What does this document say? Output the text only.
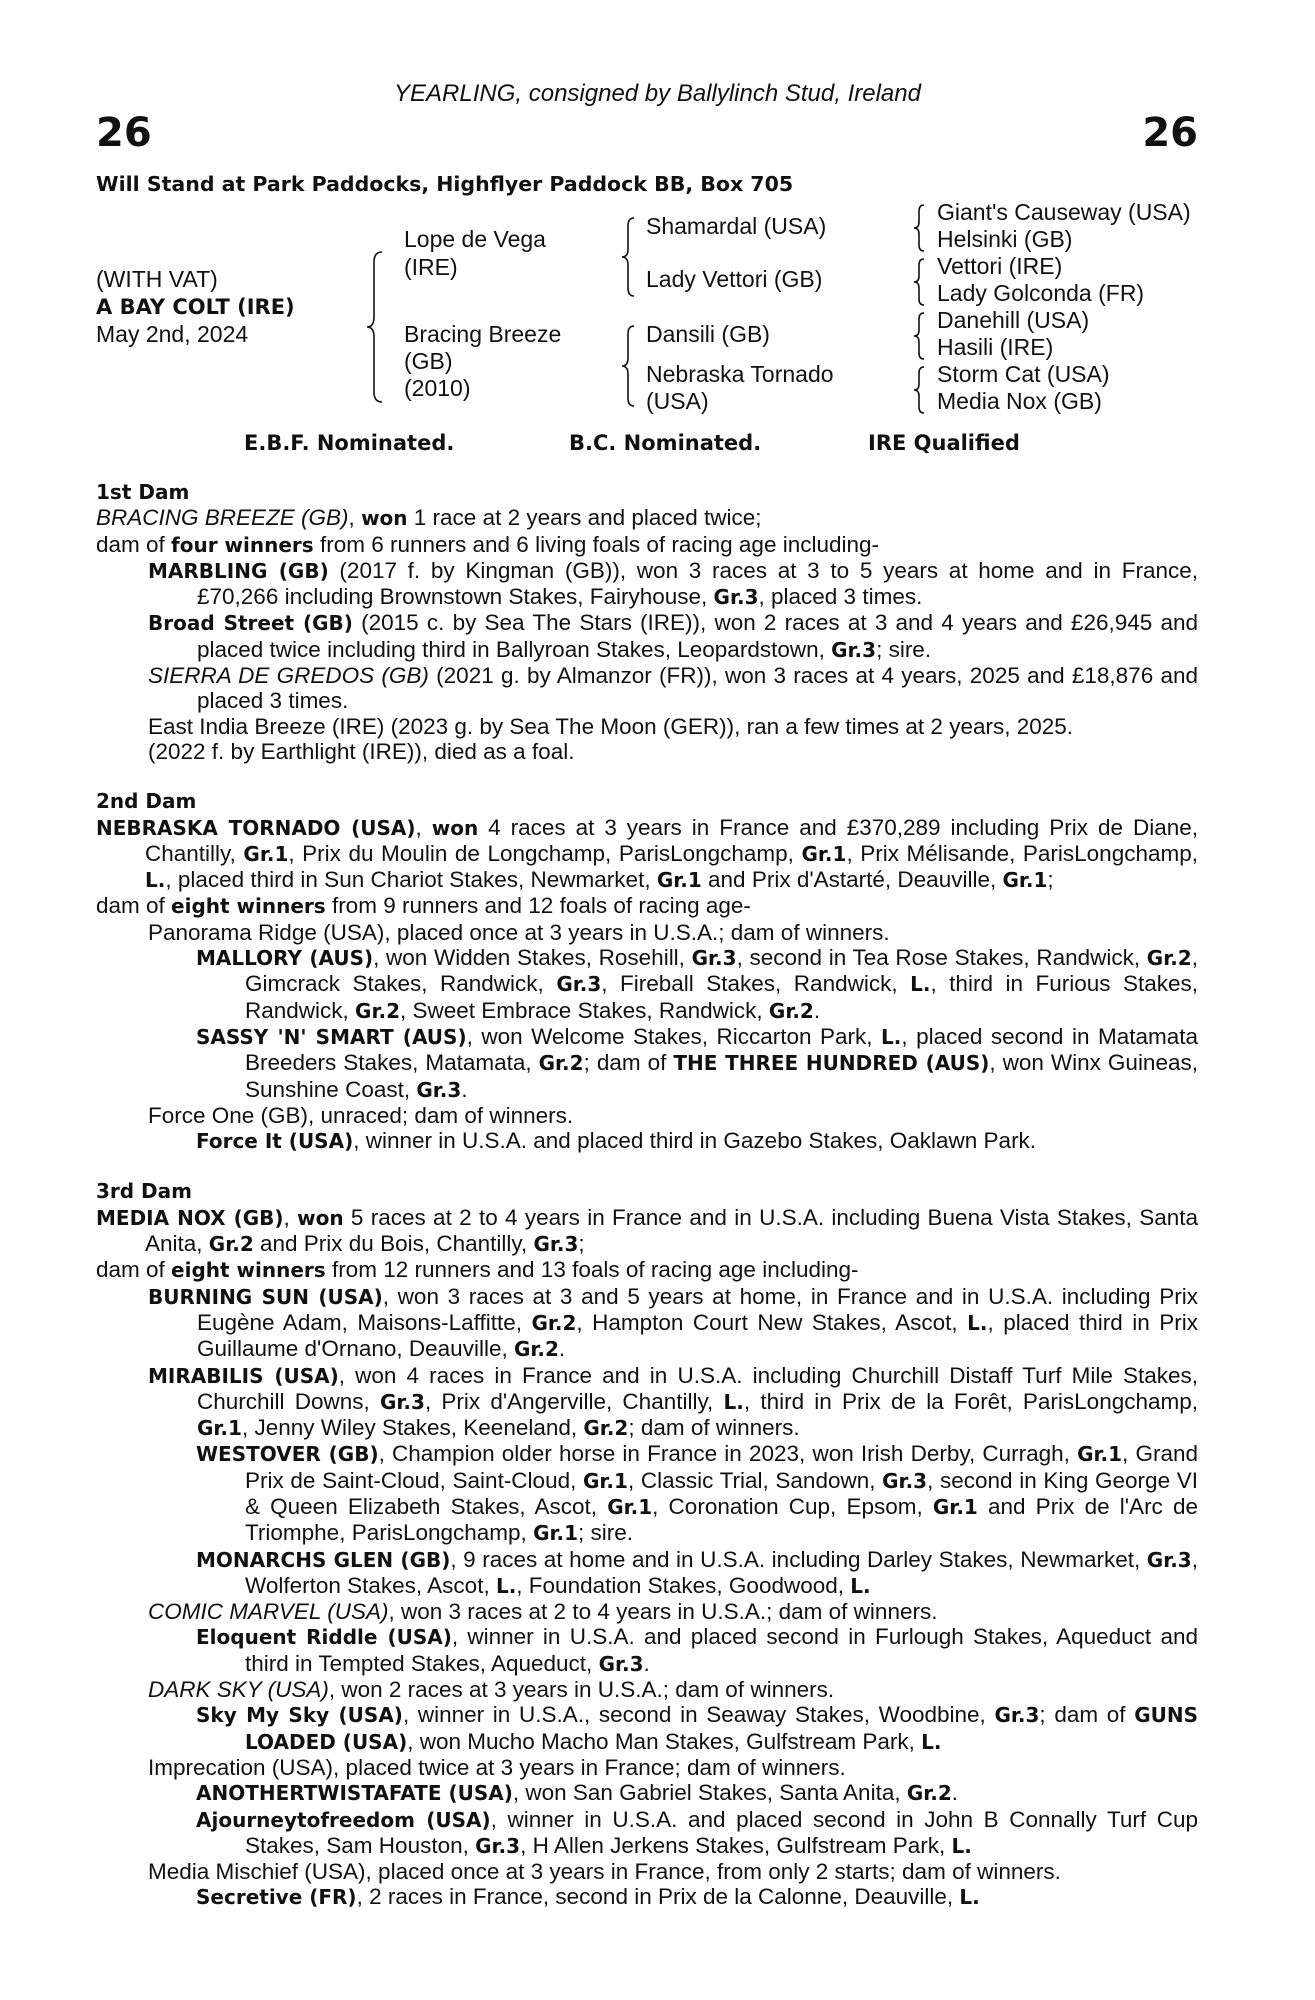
YEARLING, consigned by Ballylinch Stud, Ireland
26	26
Will Stand at Park Paddocks, Highflyer Paddock BB, Box 705
(WITH VAT)
A BAY COLT (IRE)
May 2nd, 2024
Lope de Vega
(IRE)
Bracing Breeze
(GB)
(2010)
Shamardal (USA)
Lady Vettori (GB)
Dansili (GB)
Nebraska Tornado
(USA)
Giant's Causeway (USA)
Helsinki (GB)
Vettori (IRE)
Lady Golconda (FR)
Danehill (USA)
Hasili (IRE)
Storm Cat (USA)
Media Nox (GB)
E.B.F. Nominated.	B.C. Nominated.	IRE Qualified
1st Dam
BRACING BREEZE (GB), won 1 race at 2 years and placed twice;
dam of four winners from 6 runners and 6 living foals of racing age including-
MARBLING (GB) (2017 f. by Kingman (GB)), won 3 races at 3 to 5 years at home and in France, £70,266 including Brownstown Stakes, Fairyhouse, Gr.3, placed 3 times.
Broad Street (GB) (2015 c. by Sea The Stars (IRE)), won 2 races at 3 and 4 years and £26,945 and placed twice including third in Ballyroan Stakes, Leopardstown, Gr.3; sire.
SIERRA DE GREDOS (GB) (2021 g. by Almanzor (FR)), won 3 races at 4 years, 2025 and £18,876 and placed 3 times.
East India Breeze (IRE) (2023 g. by Sea The Moon (GER)), ran a few times at 2 years, 2025.
(2022 f. by Earthlight (IRE)), died as a foal.
2nd Dam
NEBRASKA TORNADO (USA), won 4 races at 3 years in France and £370,289 including Prix de Diane, Chantilly, Gr.1, Prix du Moulin de Longchamp, ParisLongchamp, Gr.1, Prix Mélisande, ParisLongchamp, L., placed third in Sun Chariot Stakes, Newmarket, Gr.1 and Prix d'Astarté, Deauville, Gr.1;
dam of eight winners from 9 runners and 12 foals of racing age-
Panorama Ridge (USA), placed once at 3 years in U.S.A.; dam of winners.
MALLORY (AUS), won Widden Stakes, Rosehill, Gr.3, second in Tea Rose Stakes, Randwick, Gr.2, Gimcrack Stakes, Randwick, Gr.3, Fireball Stakes, Randwick, L., third in Furious Stakes, Randwick, Gr.2, Sweet Embrace Stakes, Randwick, Gr.2.
SASSY 'N' SMART (AUS), won Welcome Stakes, Riccarton Park, L., placed second in Matamata Breeders Stakes, Matamata, Gr.2; dam of THE THREE HUNDRED (AUS), won Winx Guineas, Sunshine Coast, Gr.3.
Force One (GB), unraced; dam of winners.
Force It (USA), winner in U.S.A. and placed third in Gazebo Stakes, Oaklawn Park.
3rd Dam
MEDIA NOX (GB), won 5 races at 2 to 4 years in France and in U.S.A. including Buena Vista Stakes, Santa Anita, Gr.2 and Prix du Bois, Chantilly, Gr.3;
dam of eight winners from 12 runners and 13 foals of racing age including-
BURNING SUN (USA), won 3 races at 3 and 5 years at home, in France and in U.S.A. including Prix Eugène Adam, Maisons-Laffitte, Gr.2, Hampton Court New Stakes, Ascot, L., placed third in Prix Guillaume d'Ornano, Deauville, Gr.2.
MIRABILIS (USA), won 4 races in France and in U.S.A. including Churchill Distaff Turf Mile Stakes, Churchill Downs, Gr.3, Prix d'Angerville, Chantilly, L., third in Prix de la Forêt, ParisLongchamp, Gr.1, Jenny Wiley Stakes, Keeneland, Gr.2; dam of winners.
WESTOVER (GB), Champion older horse in France in 2023, won Irish Derby, Curragh, Gr.1, Grand Prix de Saint-Cloud, Saint-Cloud, Gr.1, Classic Trial, Sandown, Gr.3, second in King George VI & Queen Elizabeth Stakes, Ascot, Gr.1, Coronation Cup, Epsom, Gr.1 and Prix de l'Arc de Triomphe, ParisLongchamp, Gr.1; sire.
MONARCHS GLEN (GB), 9 races at home and in U.S.A. including Darley Stakes, Newmarket, Gr.3, Wolferton Stakes, Ascot, L., Foundation Stakes, Goodwood, L.
COMIC MARVEL (USA), won 3 races at 2 to 4 years in U.S.A.; dam of winners.
Eloquent Riddle (USA), winner in U.S.A. and placed second in Furlough Stakes, Aqueduct and third in Tempted Stakes, Aqueduct, Gr.3.
DARK SKY (USA), won 2 races at 3 years in U.S.A.; dam of winners.
Sky My Sky (USA), winner in U.S.A., second in Seaway Stakes, Woodbine, Gr.3; dam of GUNS LOADED (USA), won Mucho Macho Man Stakes, Gulfstream Park, L.
Imprecation (USA), placed twice at 3 years in France; dam of winners.
ANOTHERTWISTAFATE (USA), won San Gabriel Stakes, Santa Anita, Gr.2.
Ajourneytofreedom (USA), winner in U.S.A. and placed second in John B Connally Turf Cup Stakes, Sam Houston, Gr.3, H Allen Jerkens Stakes, Gulfstream Park, L.
Media Mischief (USA), placed once at 3 years in France, from only 2 starts; dam of winners.
Secretive (FR), 2 races in France, second in Prix de la Calonne, Deauville, L.
